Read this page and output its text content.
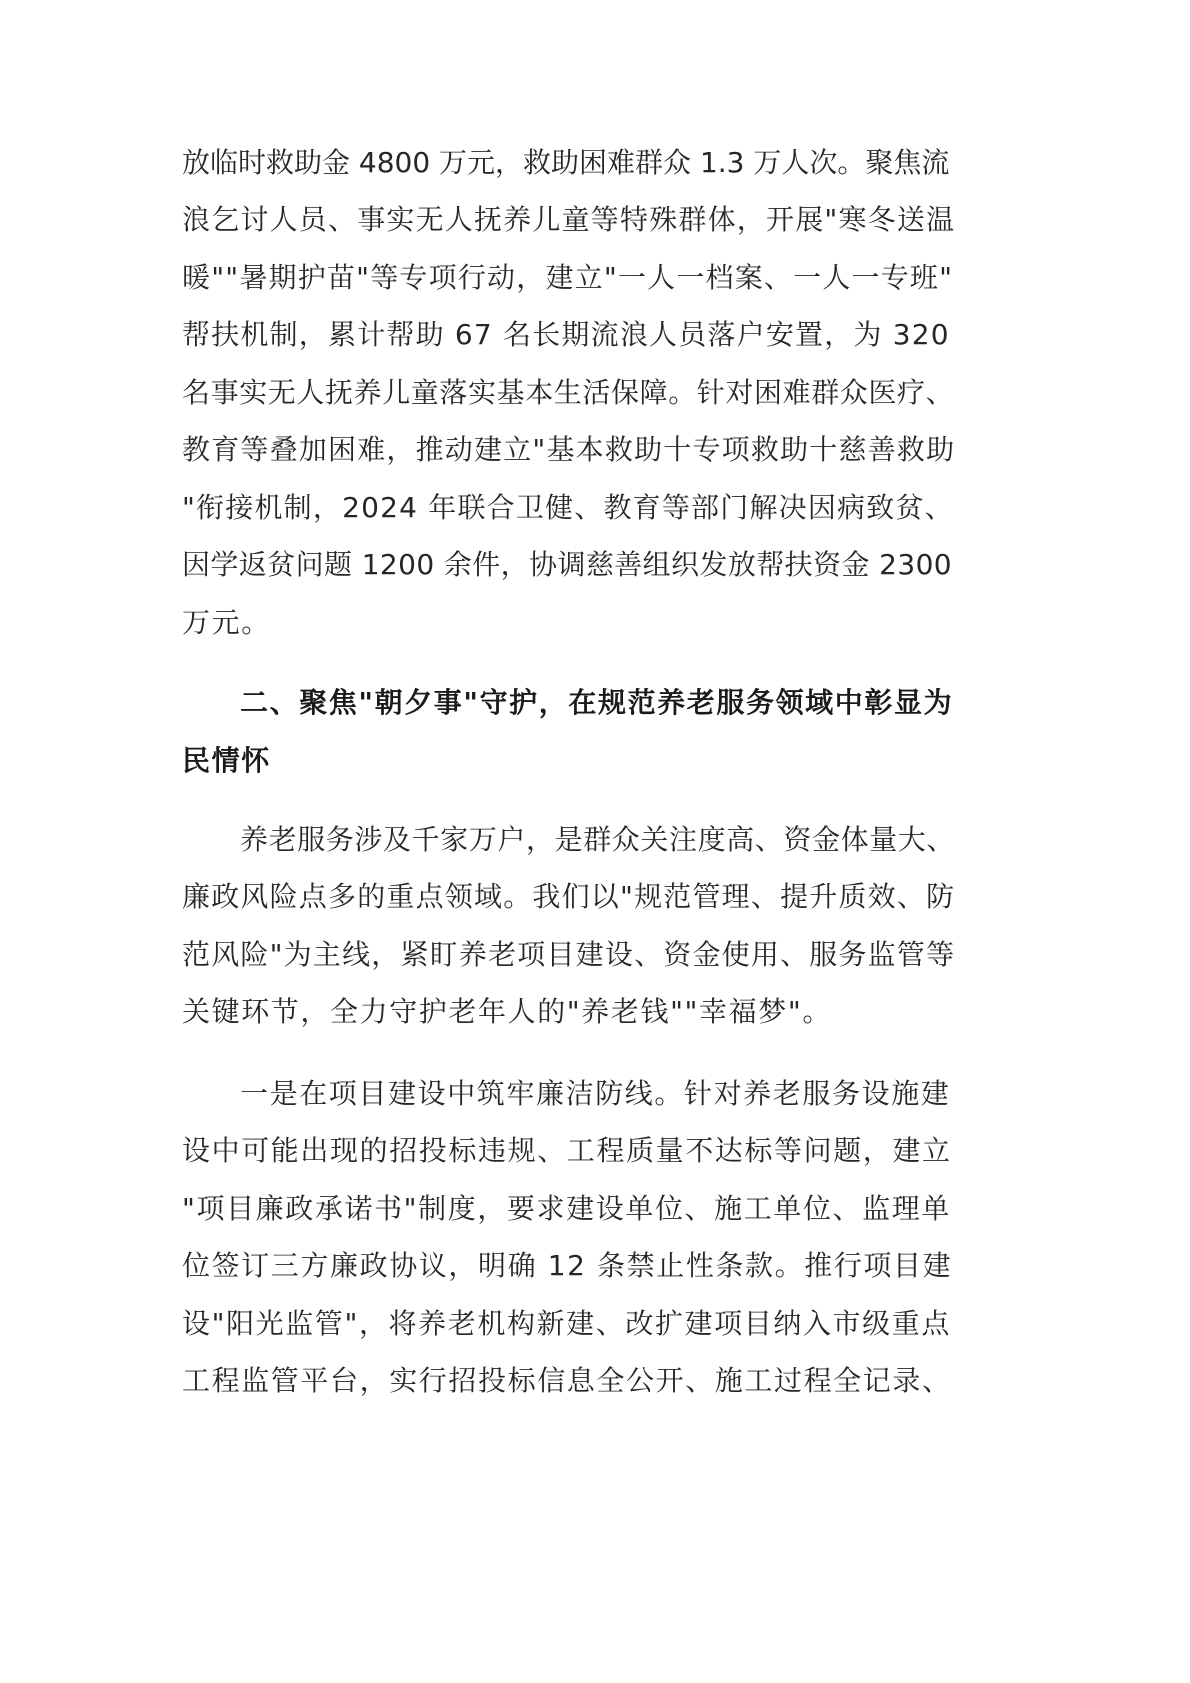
放临时救助金 4800 万元，救助困难群众 1.3 万人次。聚焦流
浪乞讨人员、事实无人抚养儿童等特殊群体，开展"寒冬送温
暖""暑期护苗"等专项行动，建立"一人一档案、一人一专班"
帮扶机制，累计帮助 67 名长期流浪人员落户安置，为 320
名事实无人抚养儿童落实基本生活保障。针对困难群众医疗、
教育等叠加困难，推动建立"基本救助十专项救助十慈善救助
"衔接机制，2024 年联合卫健、教育等部门解决因病致贫、
因学返贫问题 1200 余件，协调慈善组织发放帮扶资金 2300
万元。
二、聚焦"朝夕事"守护，在规范养老服务领域中彰显为
民情怀
养老服务涉及千家万户，是群众关注度高、资金体量大、
廉政风险点多的重点领域。我们以"规范管理、提升质效、防
范风险"为主线，紧盯养老项目建设、资金使用、服务监管等
关键环节，全力守护老年人的"养老钱""幸福梦"。
一是在项目建设中筑牢廉洁防线。针对养老服务设施建
设中可能出现的招投标违规、工程质量不达标等问题，建立
"项目廉政承诺书"制度，要求建设单位、施工单位、监理单
位签订三方廉政协议，明确 12 条禁止性条款。推行项目建
设"阳光监管"，将养老机构新建、改扩建项目纳入市级重点
工程监管平台，实行招投标信息全公开、施工过程全记录、
